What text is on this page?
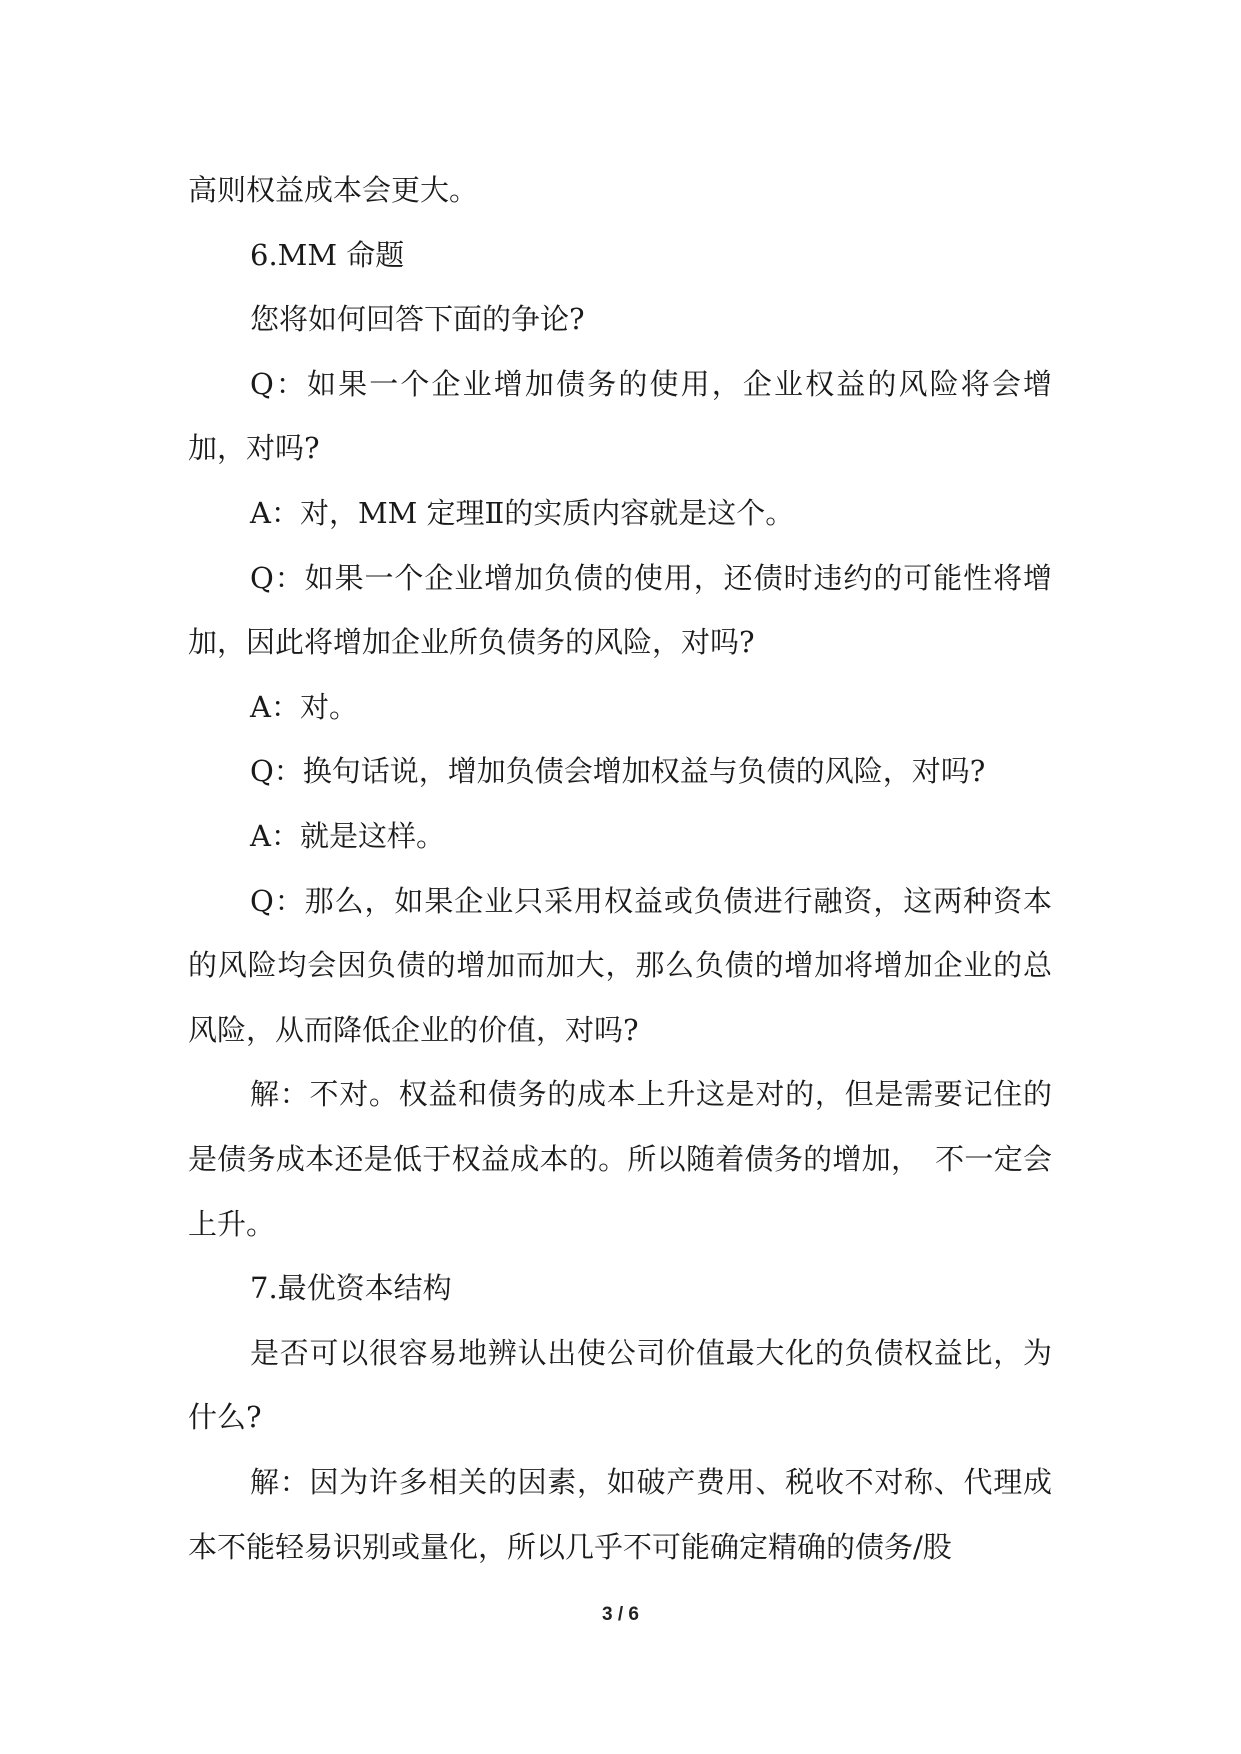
高则权益成本会更大。

6.MM 命题

您将如何回答下面的争论?

Q：如果一个企业增加债务的使用，企业权益的风险将会增加，对吗?

A：对，MM 定理Ⅱ的实质内容就是这个。

Q：如果一个企业增加负债的使用，还债时违约的可能性将增加，因此将增加企业所负债务的风险，对吗?

A：对。

Q：换句话说，增加负债会增加权益与负债的风险，对吗?

A：就是这样。

Q：那么，如果企业只采用权益或负债进行融资，这两种资本的风险均会因负债的增加而加大，那么负债的增加将增加企业的总风险，从而降低企业的价值，对吗?

解：不对。权益和债务的成本上升这是对的，但是需要记住的是债务成本还是低于权益成本的。所以随着债务的增加，　不一定会上升。

7.最优资本结构

是否可以很容易地辨认出使公司价值最大化的负债权益比，为什么?

解：因为许多相关的因素，如破产费用、税收不对称、代理成本不能轻易识别或量化，所以几乎不可能确定精确的债务/股

3 / 6
